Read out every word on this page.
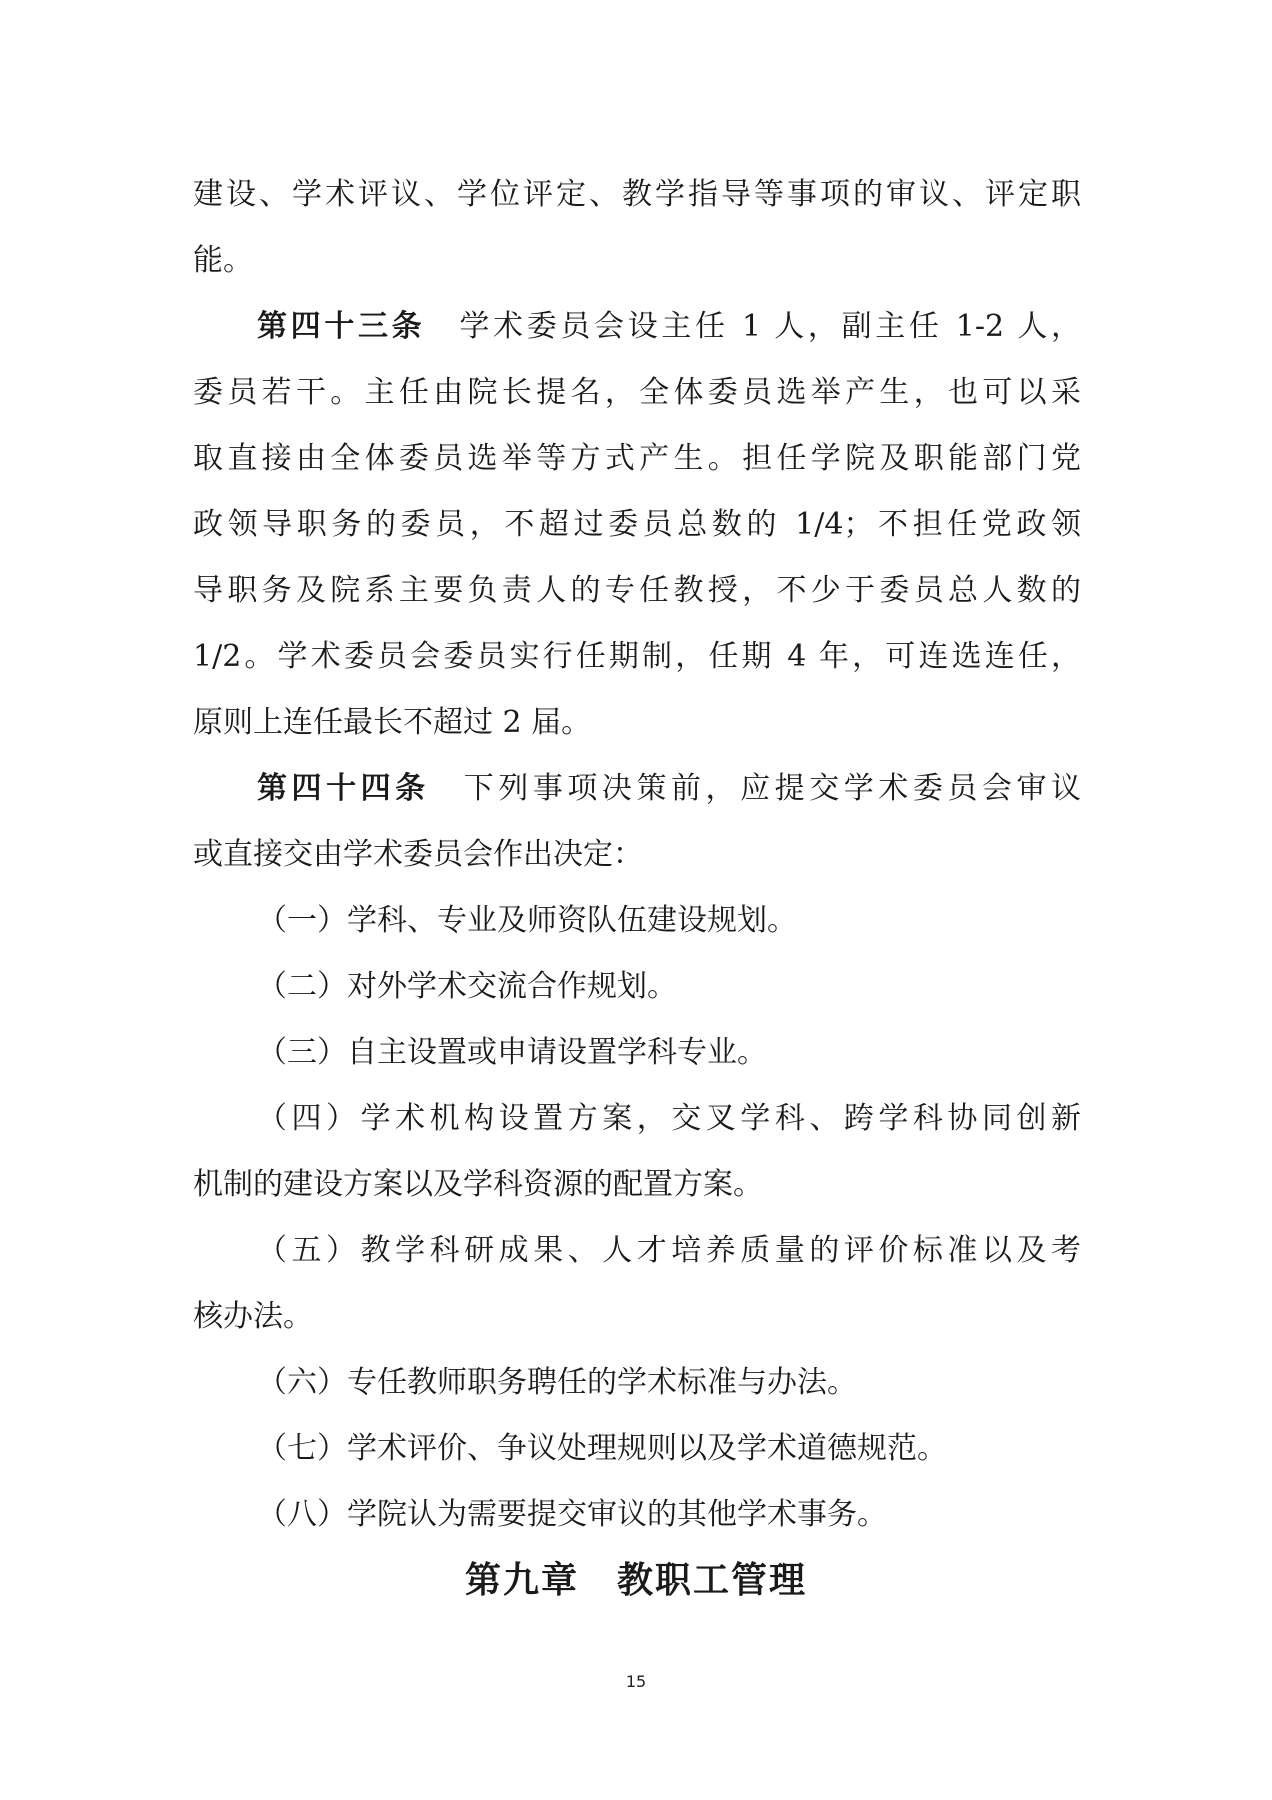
建设、学术评议、学位评定、教学指导等事项的审议、评定职
能。
第四十三条 学术委员会设主任 1 人，副主任 1-2 人，
委员若干。主任由院长提名，全体委员选举产生，也可以采
取直接由全体委员选举等方式产生。担任学院及职能部门党
政领导职务的委员，不超过委员总数的 1/4；不担任党政领
导职务及院系主要负责人的专任教授，不少于委员总人数的
1/2。学术委员会委员实行任期制，任期 4 年，可连选连任，
原则上连任最长不超过 2 届。
第四十四条 下列事项决策前，应提交学术委员会审议
或直接交由学术委员会作出决定：
（一）学科、专业及师资队伍建设规划。
（二）对外学术交流合作规划。
（三）自主设置或申请设置学科专业。
（四）学术机构设置方案，交叉学科、跨学科协同创新
机制的建设方案以及学科资源的配置方案。
（五）教学科研成果、人才培养质量的评价标准以及考
核办法。
（六）专任教师职务聘任的学术标准与办法。
（七）学术评价、争议处理规则以及学术道德规范。
（八）学院认为需要提交审议的其他学术事务。
第九章　教职工管理
15
